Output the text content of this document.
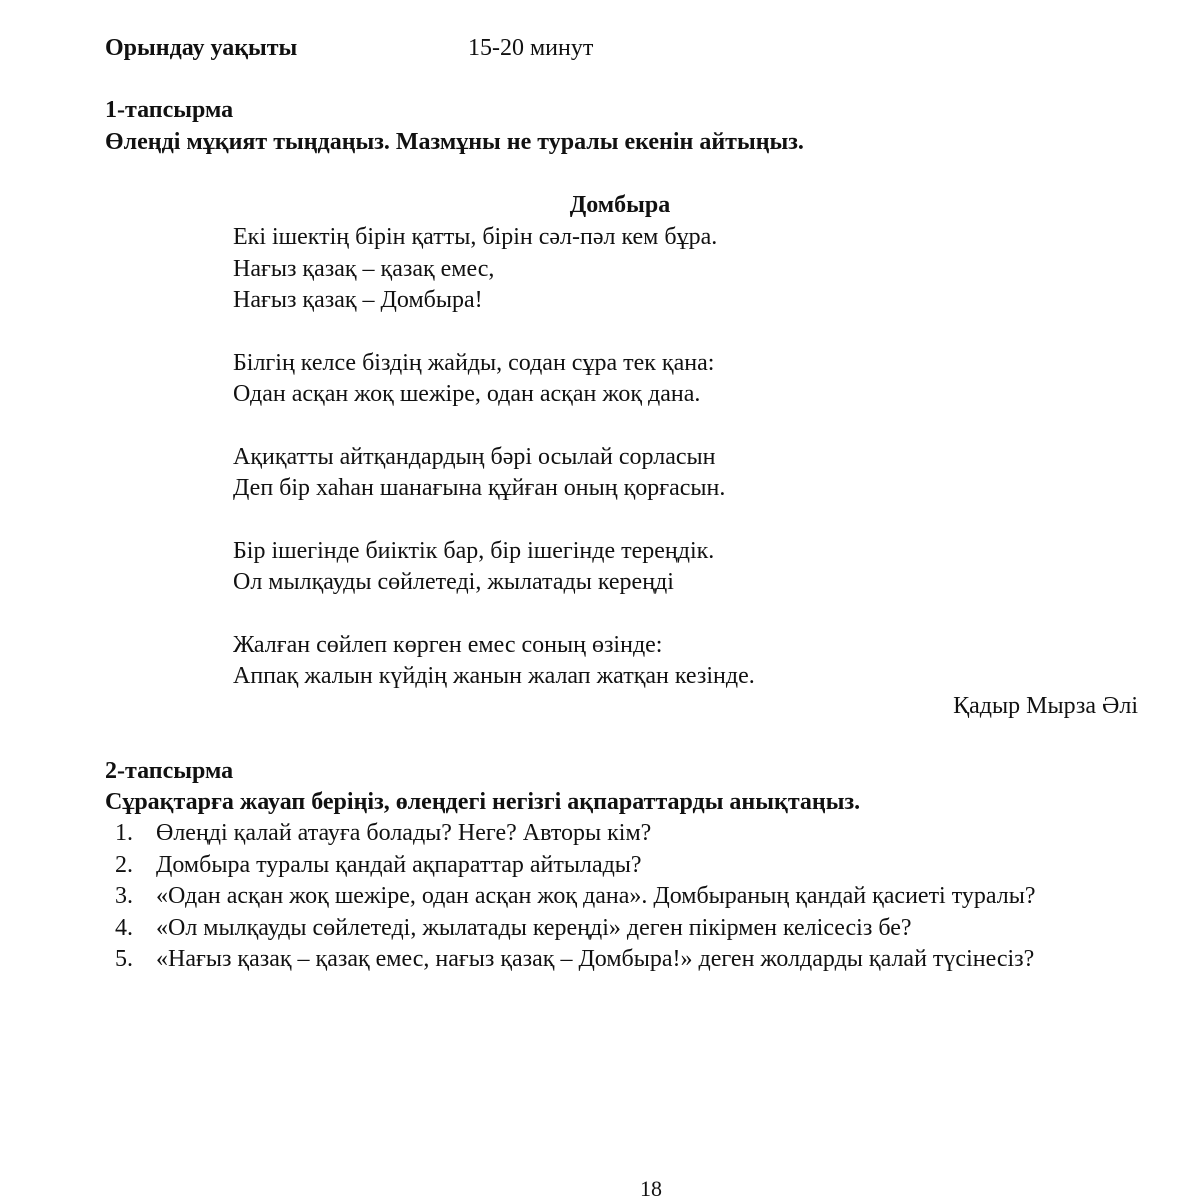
Орындау уақыты	15-20 минут
1-тапсырма
Өлеңді мұқият тыңдаңыз. Мазмұны не туралы екенін айтыңыз.
Домбыра
Екі ішектің бірін қатты, бірін сәл-пәл кем бұра.
Нағыз қазақ – қазақ емес,
Нағыз қазақ – Домбыра!
Білгің келсе біздің жайды, содан сұра тек қана:
Одан асқан жоқ шежіре, одан асқан жоқ дана.
Ақиқатты айтқандардың бәрі осылай сорласын
Деп бір хаһан шанағына құйған оның қорғасын.
Бір ішегінде биіктік бар, бір ішегінде тереңдік.
Ол мылқауды сөйлетеді, жылатады кереңді
Жалған сөйлеп көрген емес соның өзінде:
Аппақ жалын күйдің жанын жалап жатқан кезінде.
Қадыр Мырза Әлі
2-тапсырма
Сұрақтарға жауап беріңіз, өлеңдегі негізгі ақпараттарды анықтаңыз.
1. Өлеңді қалай атауға болады? Неге? Авторы кім?
2. Домбыра туралы қандай ақпараттар айтылады?
3. «Одан асқан жоқ шежіре, одан асқан жоқ дана». Домбыраның қандай қасиеті туралы?
4. «Ол мылқауды сөйлетеді, жылатады кереңді» деген пікірмен келісесіз бе?
5. «Нағыз қазақ – қазақ емес, нағыз қазақ – Домбыра!» деген жолдарды қалай түсінесіз?
18
